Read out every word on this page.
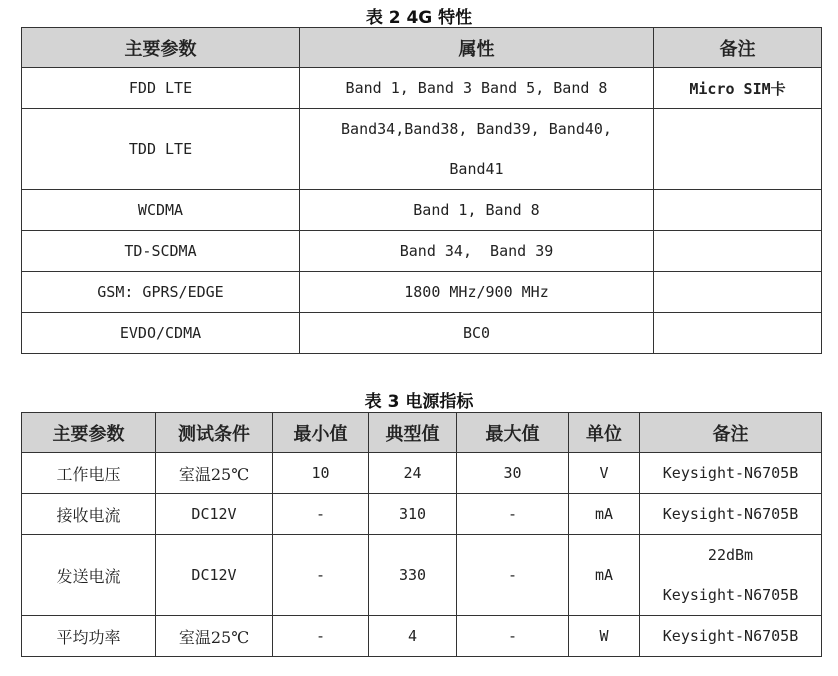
表 2 4G 特性
主要参数	属性	备注
FDD LTE	Band 1, Band 3 Band 5, Band 8	Micro SIM卡
TDD LTE	Band34,Band38, Band39, Band40,
Band41	

WCDMA	Band 1, Band 8	
TD-SCDMA	Band 34,  Band 39	
GSM: GPRS/EDGE	1800 MHz/900 MHz	
EVDO/CDMA	BC0	
表 3 电源指标
主要参数	测试条件	最小值	典型值	最大值	单位	备注
工作电压	室温25℃	10	24	30	V	Keysight-N6705B
接收电流	DC12V	-	310	-	mA	Keysight-N6705B
发送电流	DC12V	-	330	-	mA	22dBm
Keysight-N6705B

平均功率	室温25℃	-	4	-	W	Keysight-N6705B
